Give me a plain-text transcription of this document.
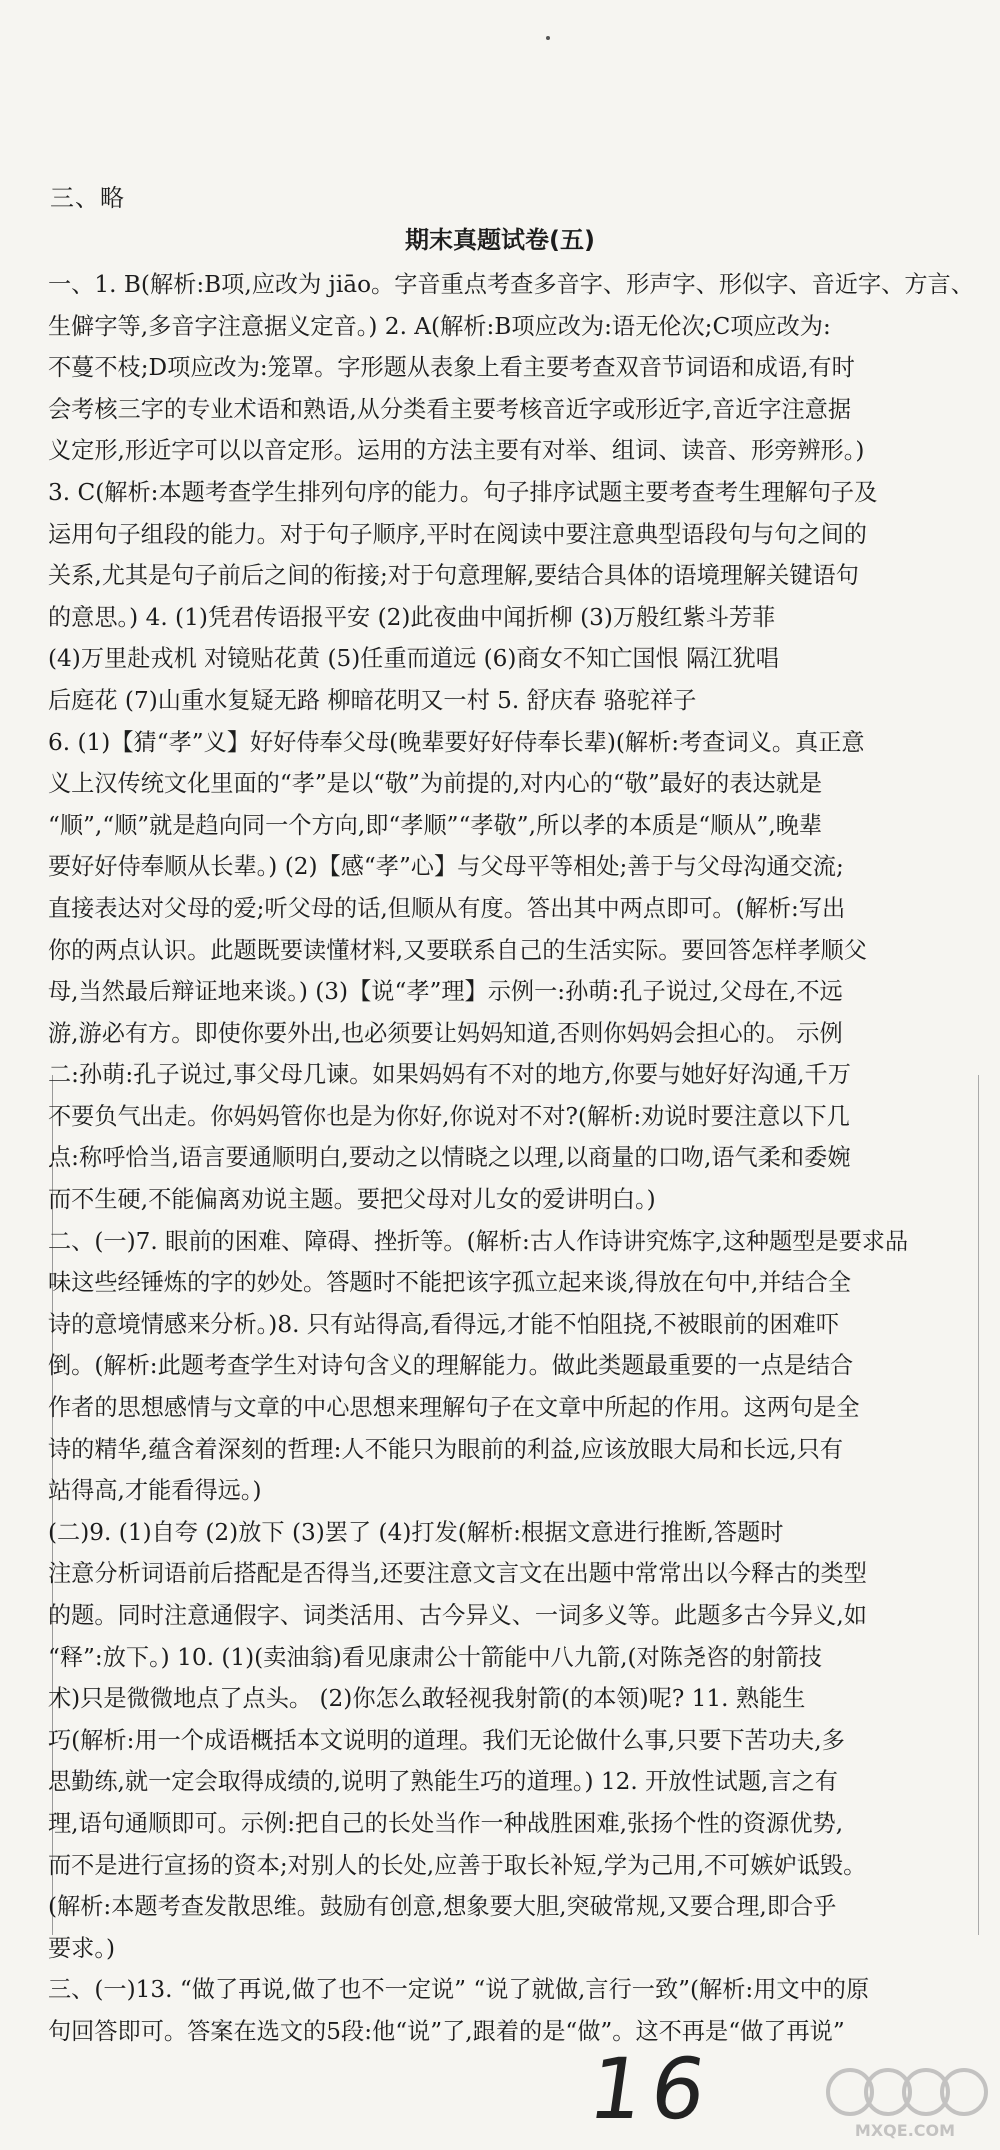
三、略
期末真题试卷(五)
一、1. B(解析:B项,应改为 jiāo。字音重点考查多音字、形声字、形似字、音近字、方言、
生僻字等,多音字注意据义定音。) 2. A(解析:B项应改为:语无伦次;C项应改为:
不蔓不枝;D项应改为:笼罩。字形题从表象上看主要考查双音节词语和成语,有时
会考核三字的专业术语和熟语,从分类看主要考核音近字或形近字,音近字注意据
义定形,形近字可以以音定形。运用的方法主要有对举、组词、读音、形旁辨形。)
3. C(解析:本题考查学生排列句序的能力。句子排序试题主要考查考生理解句子及
运用句子组段的能力。对于句子顺序,平时在阅读中要注意典型语段句与句之间的
关系,尤其是句子前后之间的衔接;对于句意理解,要结合具体的语境理解关键语句
的意思。) 4. (1)凭君传语报平安 (2)此夜曲中闻折柳 (3)万般红紫斗芳菲
(4)万里赴戎机 对镜贴花黄 (5)任重而道远 (6)商女不知亡国恨 隔江犹唱
后庭花 (7)山重水复疑无路 柳暗花明又一村 5. 舒庆春 骆驼祥子
6. (1)【猜“孝”义】好好侍奉父母(晚辈要好好侍奉长辈)(解析:考查词义。真正意
义上汉传统文化里面的“孝”是以“敬”为前提的,对内心的“敬”最好的表达就是
“顺”,“顺”就是趋向同一个方向,即“孝顺”“孝敬”,所以孝的本质是“顺从”,晚辈
要好好侍奉顺从长辈。) (2)【感“孝”心】与父母平等相处;善于与父母沟通交流;
直接表达对父母的爱;听父母的话,但顺从有度。答出其中两点即可。(解析:写出
你的两点认识。此题既要读懂材料,又要联系自己的生活实际。要回答怎样孝顺父
母,当然最后辩证地来谈。) (3)【说“孝”理】示例一:孙萌:孔子说过,父母在,不远
游,游必有方。即使你要外出,也必须要让妈妈知道,否则你妈妈会担心的。 示例
二:孙萌:孔子说过,事父母几谏。如果妈妈有不对的地方,你要与她好好沟通,千万
不要负气出走。你妈妈管你也是为你好,你说对不对?(解析:劝说时要注意以下几
点:称呼恰当,语言要通顺明白,要动之以情晓之以理,以商量的口吻,语气柔和委婉
而不生硬,不能偏离劝说主题。要把父母对儿女的爱讲明白。)
二、(一)7. 眼前的困难、障碍、挫折等。(解析:古人作诗讲究炼字,这种题型是要求品
味这些经锤炼的字的妙处。答题时不能把该字孤立起来谈,得放在句中,并结合全
诗的意境情感来分析。)8. 只有站得高,看得远,才能不怕阻挠,不被眼前的困难吓
倒。(解析:此题考查学生对诗句含义的理解能力。做此类题最重要的一点是结合
作者的思想感情与文章的中心思想来理解句子在文章中所起的作用。这两句是全
诗的精华,蕴含着深刻的哲理:人不能只为眼前的利益,应该放眼大局和长远,只有
站得高,才能看得远。)
(二)9. (1)自夸 (2)放下 (3)罢了 (4)打发(解析:根据文意进行推断,答题时
注意分析词语前后搭配是否得当,还要注意文言文在出题中常常出以今释古的类型
的题。同时注意通假字、词类活用、古今异义、一词多义等。此题多古今异义,如
“释”:放下。) 10. (1)(卖油翁)看见康肃公十箭能中八九箭,(对陈尧咨的射箭技
术)只是微微地点了点头。 (2)你怎么敢轻视我射箭(的本领)呢? 11. 熟能生
巧(解析:用一个成语概括本文说明的道理。我们无论做什么事,只要下苦功夫,多
思勤练,就一定会取得成绩的,说明了熟能生巧的道理。) 12. 开放性试题,言之有
理,语句通顺即可。示例:把自己的长处当作一种战胜困难,张扬个性的资源优势,
而不是进行宣扬的资本;对别人的长处,应善于取长补短,学为己用,不可嫉妒诋毁。
(解析:本题考查发散思维。鼓励有创意,想象要大胆,突破常规,又要合理,即合乎
要求。)
三、(一)13. “做了再说,做了也不一定说” “说了就做,言行一致”(解析:用文中的原
句回答即可。答案在选文的5段:他“说”了,跟着的是“做”。这不再是“做了再说”
16	MXQE.COM
